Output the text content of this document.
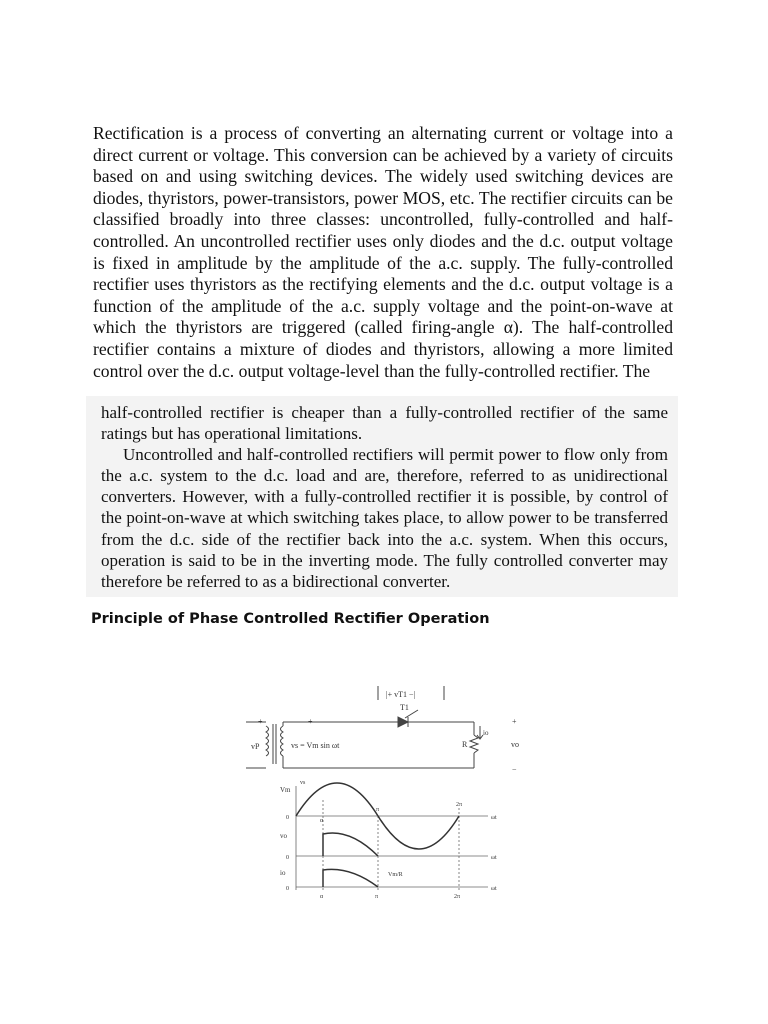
Rectification is a process of converting an alternating current or voltage into a direct current or voltage. This conversion can be achieved by a variety of circuits based on and using switching devices. The widely used switching devices are diodes, thyristors, power-transistors, power MOS, etc. The rectifier circuits can be classified broadly into three classes: uncontrolled, fully-controlled and half-controlled. An uncontrolled rectifier uses only diodes and the d.c. output voltage is fixed in amplitude by the amplitude of the a.c. supply. The fully-controlled rectifier uses thyristors as the rectifying elements and the d.c. output voltage is a function of the amplitude of the a.c. supply voltage and the point-on-wave at which the thyristors are triggered (called firing-angle α). The half-controlled rectifier contains a mixture of diodes and thyristors, allowing a more limited control over the d.c. output voltage-level than the fully-controlled rectifier. The

half-controlled rectifier is cheaper than a fully-controlled rectifier of the same ratings but has operational limitations.

Uncontrolled and half-controlled rectifiers will permit power to flow only from the a.c. system to the d.c. load and are, therefore, referred to as unidirectional converters. However, with a fully-controlled rectifier it is possible, by control of the point-on-wave at which switching takes place, to allow power to be transferred from the d.c. side of the rectifier back into the a.c. system. When this occurs, operation is said to be in the inverting mode. The fully controlled converter may therefore be referred to as a bidirectional converter.

Principle of Phase Controlled Rectifier Operation
|+ vT1 −|
T1
vP	vs = Vm sin ωt	R
io
vo
+	+	+
−
Vm
vs
vo
io
0
0
0
ωt
ωt
ωt
α
π
2π
α	π	2π
Vm/R
